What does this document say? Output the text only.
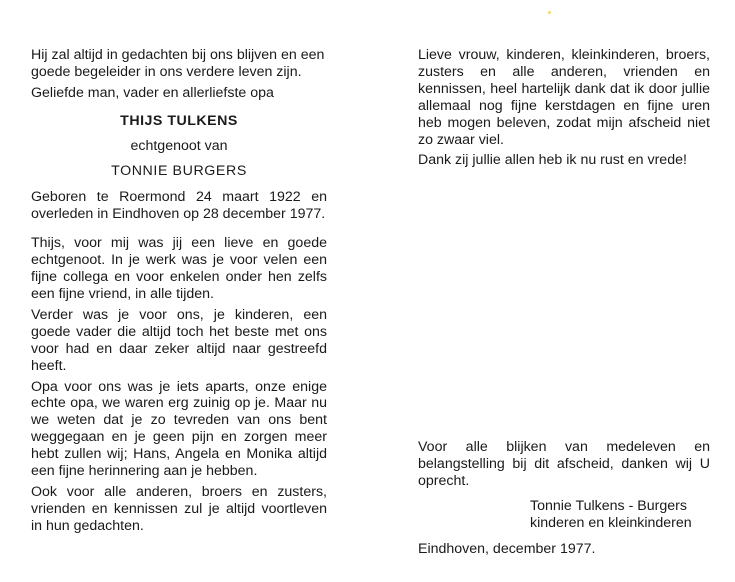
Hij zal altijd in gedachten bij ons blijven en een goede begeleider in ons verdere leven zijn.

Geliefde man, vader en allerliefste opa

THIJS TULKENS

echtgenoot van

TONNIE BURGERS

Geboren te Roermond 24 maart 1922 en overleden in Eindhoven op 28 december 1977.

Thijs, voor mij was jij een lieve en goede echtgenoot. In je werk was je voor velen een fijne collega en voor enkelen onder hen zelfs een fijne vriend, in alle tijden.

Verder was je voor ons, je kinderen, een goede vader die altijd toch het beste met ons voor had en daar zeker altijd naar gestreefd heeft.

Opa voor ons was je iets aparts, onze enige echte opa, we waren erg zuinig op je. Maar nu we weten dat je zo tevreden van ons bent weggegaan en je geen pijn en zorgen meer hebt zullen wij; Hans, Angela en Monika altijd een fijne herinnering aan je hebben.

Ook voor alle anderen, broers en zusters, vrienden en kennissen zul je altijd voortleven in hun gedachten.

Lieve vrouw, kinderen, kleinkinderen, broers, zusters en alle anderen, vrienden en kennissen, heel hartelijk dank dat ik door jullie allemaal nog fijne kerstdagen en fijne uren heb mogen beleven, zodat mijn afscheid niet zo zwaar viel.

Dank zij jullie allen heb ik nu rust en vrede!

Voor alle blijken van medeleven en belangstelling bij dit afscheid, danken wij U oprecht.

Tonnie Tulkens - Burgers
kinderen en kleinkinderen
Eindhoven, december 1977.
